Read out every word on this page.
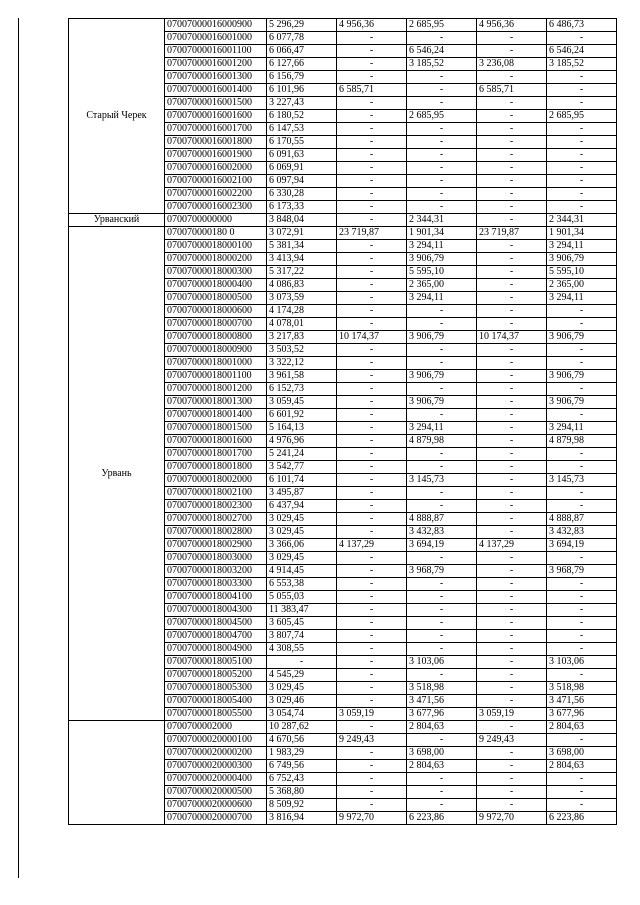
Старый Черек	07007000016000900	5 296,29	4 956,36	2 685,95	4 956,36	6 486,73
	07007000016001000	6 077,78	-	-	-	-
	07007000016001100	6 066,47	-	6 546,24	-	6 546,24
	07007000016001200	6 127,66	-	3 185,52	3 236,08	3 185,52
	07007000016001300	6 156,79	-	-	-	-
	07007000016001400	6 101,96	6 585,71	-	6 585,71	-
	07007000016001500	3 227,43	-	-	-	-
	07007000016001600	6 180,52	-	2 685,95	-	2 685,95
	07007000016001700	6 147,53	-	-	-	-
	07007000016001800	6 170,55	-	-	-	-
	07007000016001900	6 091,63	-	-	-	-
	07007000016002000	6 069,91	-	-	-	-
	07007000016002100	6 097,94	-	-	-	-
	07007000016002200	6 330,28	-	-	-	-
	07007000016002300	6 173,33	-	-	-	-
Урванский	0700700000000	3 848,04	-	2 344,31	-	2 344,31
Урвань	070070000180 0	3 072,91	23 719,87	1 901,34	23 719,87	1 901,34
	07007000018000100	5 381,34	-	3 294,11	-	3 294,11
	07007000018000200	3 413,94	-	3 906,79	-	3 906,79
	07007000018000300	5 317,22	-	5 595,10	-	5 595,10
	07007000018000400	4 086,83	-	2 365,00	-	2 365,00
	07007000018000500	3 073,59	-	3 294,11	-	3 294,11
	07007000018000600	4 174,28	-	-	-	-
	07007000018000700	4 078,01	-	-	-	-
	07007000018000800	3 217,83	10 174,37	3 906,79	10 174,37	3 906,79
	07007000018000900	3 503,52	-	-	-	-
	07007000018001000	3 322,12	-	-	-	-
	07007000018001100	3 961,58	-	3 906,79	-	3 906,79
	07007000018001200	6 152,73	-	-	-	-
	07007000018001300	3 059,45	-	3 906,79	-	3 906,79
	07007000018001400	6 601,92	-	-	-	-
	07007000018001500	5 164,13	-	3 294,11	-	3 294,11
	07007000018001600	4 976,96	-	4 879,98	-	4 879,98
	07007000018001700	5 241,24	-	-	-	-
	07007000018001800	3 542,77	-	-	-	-
	07007000018002000	6 101,74	-	3 145,73	-	3 145,73
	07007000018002100	3 495,87	-	-	-	-
	07007000018002300	6 437,94	-	-	-	-
	07007000018002700	3 029,45	-	4 888,87	-	4 888,87
	07007000018002800	3 029,45	-	3 432,83	-	3 432,83
	07007000018002900	3 366,06	4 137,29	3 694,19	4 137,29	3 694,19
	07007000018003000	3 029,45	-	-	-	-
	07007000018003200	4 914,45	-	3 968,79	-	3 968,79
	07007000018003300	6 553,38	-	-	-	-
	07007000018004100	5 055,03	-	-	-	-
	07007000018004300	11 383,47	-	-	-	-
	07007000018004500	3 605,45	-	-	-	-
	07007000018004700	3 807,74	-	-	-	-
	07007000018004900	4 308,55	-	-	-	-
	07007000018005100	-	-	3 103,06	-	3 103,06
	07007000018005200	4 545,29	-	-	-	-
	07007000018005300	3 029,45	-	3 518,98	-	3 518,98
	07007000018005400	3 029,46	-	3 471,56	-	3 471,56
	07007000018005500	3 054,74	3 059,19	3 677,96	3 059,19	3 677,96
	0700700002000	10 287,62	-	2 804,63	-	2 804,63
	07007000020000100	4 670,56	9 249,43	-	9 249,43	-
	07007000020000200	1 983,29	-	3 698,00	-	3 698,00
	07007000020000300	6 749,56	-	2 804,63	-	2 804,63
	07007000020000400	6 752,43	-	-	-	-
	07007000020000500	5 368,80	-	-	-	-
	07007000020000600	8 509,92	-	-	-	-
	07007000020000700	3 816,94	9 972,70	6 223,86	9 972,70	6 223,86
